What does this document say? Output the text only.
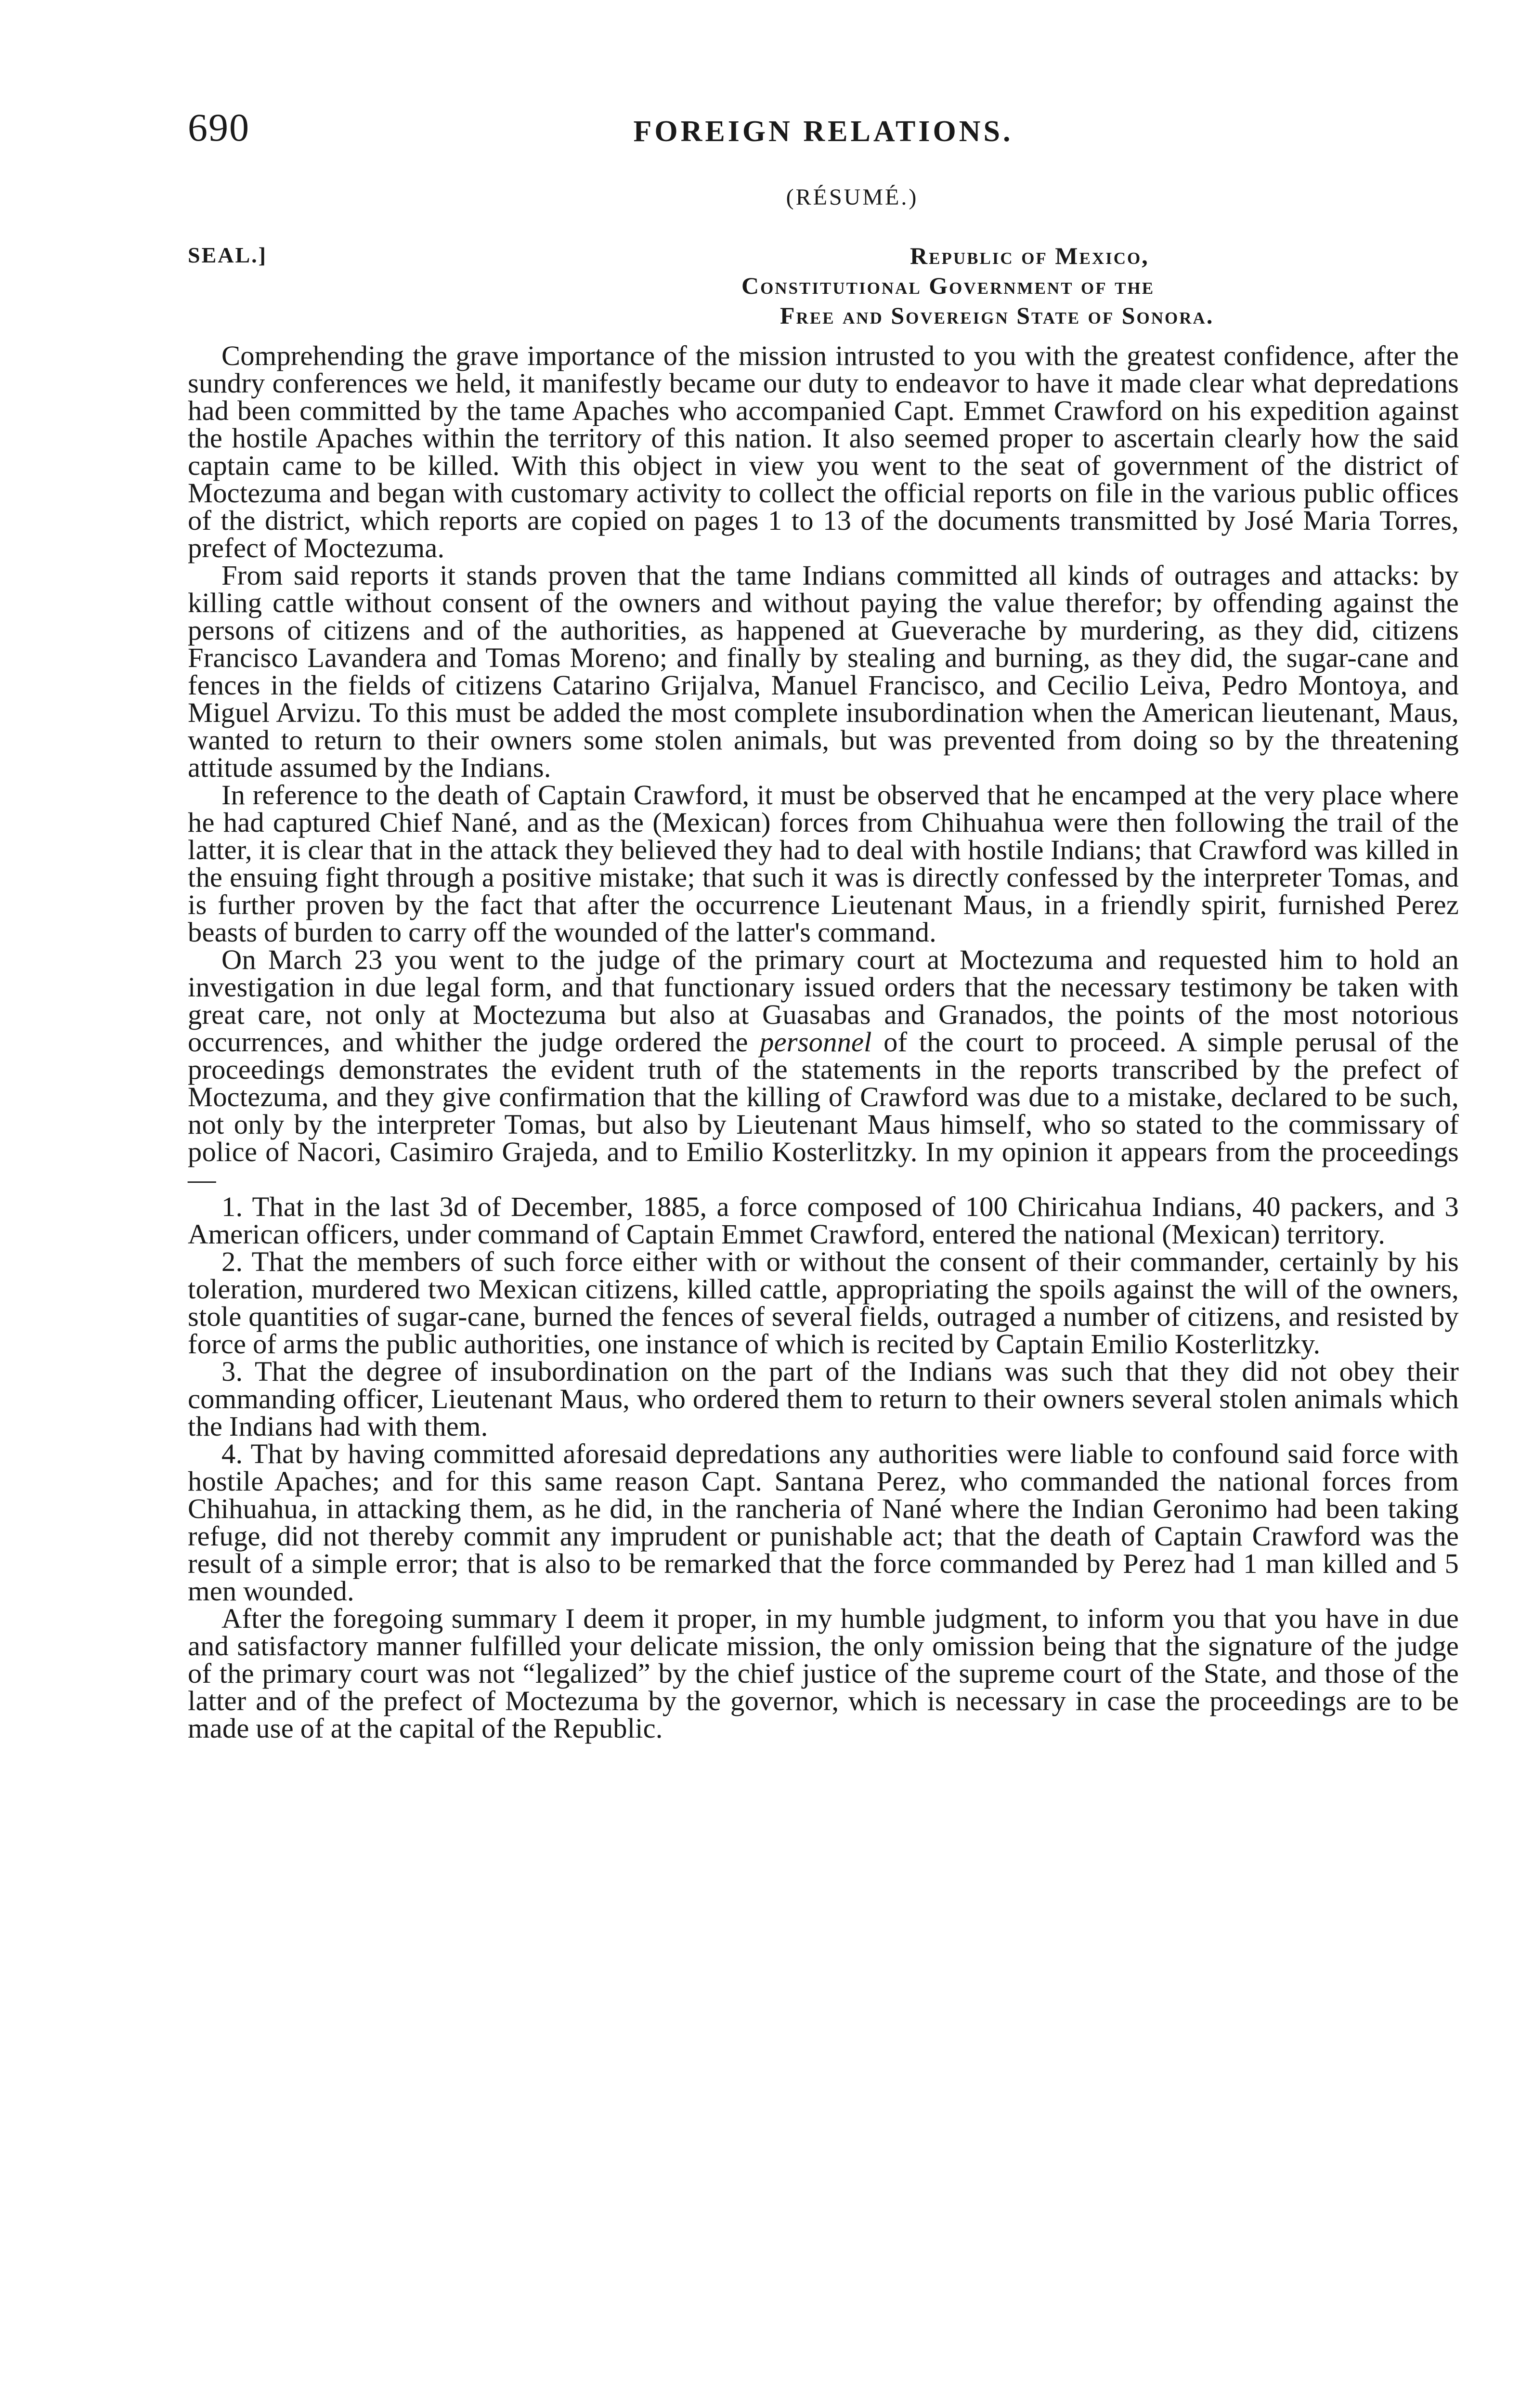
690	FOREIGN RELATIONS.
(RÉSUMÉ.)
SEAL.]	Republic of Mexico,
Constitutional Government of the
Free and Sovereign State of Sonora.

Comprehending the grave importance of the mission intrusted to you with the greatest confidence, after the sundry conferences we held, it manifestly became our duty to endeavor to have it made clear what depredations had been committed by the tame Apaches who accompanied Capt. Emmet Crawford on his expedition against the hostile Apaches within the territory of this nation. It also seemed proper to ascertain clearly how the said captain came to be killed. With this object in view you went to the seat of government of the district of Moctezuma and began with customary activity to collect the official reports on file in the various public offices of the district, which reports are copied on pages 1 to 13 of the documents transmitted by José Maria Torres, prefect of Moctezuma.

From said reports it stands proven that the tame Indians committed all kinds of outrages and attacks: by killing cattle without consent of the owners and without paying the value therefor; by offending against the persons of citizens and of the authorities, as happened at Gueverache by murdering, as they did, citizens Francisco Lavandera and Tomas Moreno; and finally by stealing and burning, as they did, the sugar-cane and fences in the fields of citizens Catarino Grijalva, Manuel Francisco, and Cecilio Leiva, Pedro Montoya, and Miguel Arvizu. To this must be added the most complete insubordination when the American lieutenant, Maus, wanted to return to their owners some stolen animals, but was prevented from doing so by the threatening attitude assumed by the Indians.

In reference to the death of Captain Crawford, it must be observed that he encamped at the very place where he had captured Chief Nané, and as the (Mexican) forces from Chihuahua were then following the trail of the latter, it is clear that in the attack they believed they had to deal with hostile Indians; that Crawford was killed in the ensuing fight through a positive mistake; that such it was is directly confessed by the interpreter Tomas, and is further proven by the fact that after the occurrence Lieutenant Maus, in a friendly spirit, furnished Perez beasts of burden to carry off the wounded of the latter's command.

On March 23 you went to the judge of the primary court at Moctezuma and requested him to hold an investigation in due legal form, and that functionary issued orders that the necessary testimony be taken with great care, not only at Moctezuma but also at Guasabas and Granados, the points of the most notorious occurrences, and whither the judge ordered the personnel of the court to proceed. A simple perusal of the proceedings demonstrates the evident truth of the statements in the reports transcribed by the prefect of Moctezuma, and they give confirmation that the killing of Crawford was due to a mistake, declared to be such, not only by the interpreter Tomas, but also by Lieutenant Maus himself, who so stated to the commissary of police of Nacori, Casimiro Grajeda, and to Emilio Kosterlitzky. In my opinion it appears from the proceedings—

1. That in the last 3d of December, 1885, a force composed of 100 Chiricahua Indians, 40 packers, and 3 American officers, under command of Captain Emmet Crawford, entered the national (Mexican) territory.

2. That the members of such force either with or without the consent of their commander, certainly by his toleration, murdered two Mexican citizens, killed cattle, appropriating the spoils against the will of the owners, stole quantities of sugar-cane, burned the fences of several fields, outraged a number of citizens, and resisted by force of arms the public authorities, one instance of which is recited by Captain Emilio Kosterlitzky.

3. That the degree of insubordination on the part of the Indians was such that they did not obey their commanding officer, Lieutenant Maus, who ordered them to return to their owners several stolen animals which the Indians had with them.

4. That by having committed aforesaid depredations any authorities were liable to confound said force with hostile Apaches; and for this same reason Capt. Santana Perez, who commanded the national forces from Chihuahua, in attacking them, as he did, in the rancheria of Nané where the Indian Geronimo had been taking refuge, did not thereby commit any imprudent or punishable act; that the death of Captain Crawford was the result of a simple error; that is also to be remarked that the force commanded by Perez had 1 man killed and 5 men wounded.

After the foregoing summary I deem it proper, in my humble judgment, to inform you that you have in due and satisfactory manner fulfilled your delicate mission, the only omission being that the signature of the judge of the primary court was not “legalized” by the chief justice of the supreme court of the State, and those of the latter and of the prefect of Moctezuma by the governor, which is necessary in case the proceedings are to be made use of at the capital of the Republic.
